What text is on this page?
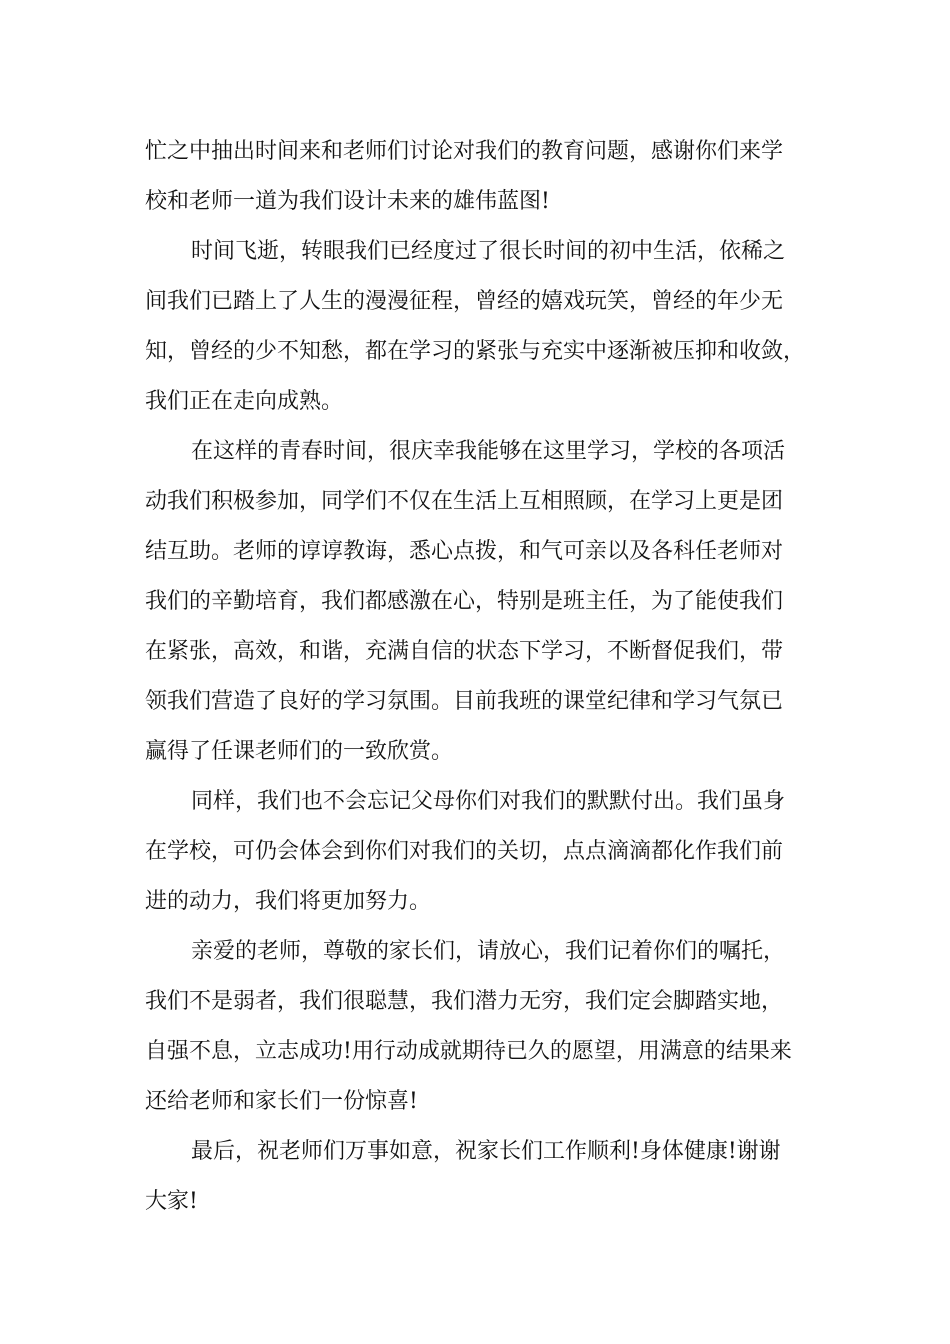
忙之中抽出时间来和老师们讨论对我们的教育问题，感谢你们来学
校和老师一道为我们设计未来的雄伟蓝图!
时间飞逝，转眼我们已经度过了很长时间的初中生活，依稀之
间我们已踏上了人生的漫漫征程，曾经的嬉戏玩笑，曾经的年少无
知，曾经的少不知愁，都在学习的紧张与充实中逐渐被压抑和收敛，
我们正在走向成熟。
在这样的青春时间，很庆幸我能够在这里学习，学校的各项活
动我们积极参加，同学们不仅在生活上互相照顾，在学习上更是团
结互助。老师的谆谆教诲，悉心点拨，和气可亲以及各科任老师对
我们的辛勤培育，我们都感激在心，特别是班主任，为了能使我们
在紧张，高效，和谐，充满自信的状态下学习，不断督促我们，带
领我们营造了良好的学习氛围。目前我班的课堂纪律和学习气氛已
赢得了任课老师们的一致欣赏。
同样，我们也不会忘记父母你们对我们的默默付出。我们虽身
在学校，可仍会体会到你们对我们的关切，点点滴滴都化作我们前
进的动力，我们将更加努力。
亲爱的老师，尊敬的家长们，请放心，我们记着你们的嘱托，
我们不是弱者，我们很聪慧，我们潜力无穷，我们定会脚踏实地，
自强不息，立志成功!用行动成就期待已久的愿望，用满意的结果来
还给老师和家长们一份惊喜!
最后，祝老师们万事如意，祝家长们工作顺利!身体健康!谢谢
大家!
